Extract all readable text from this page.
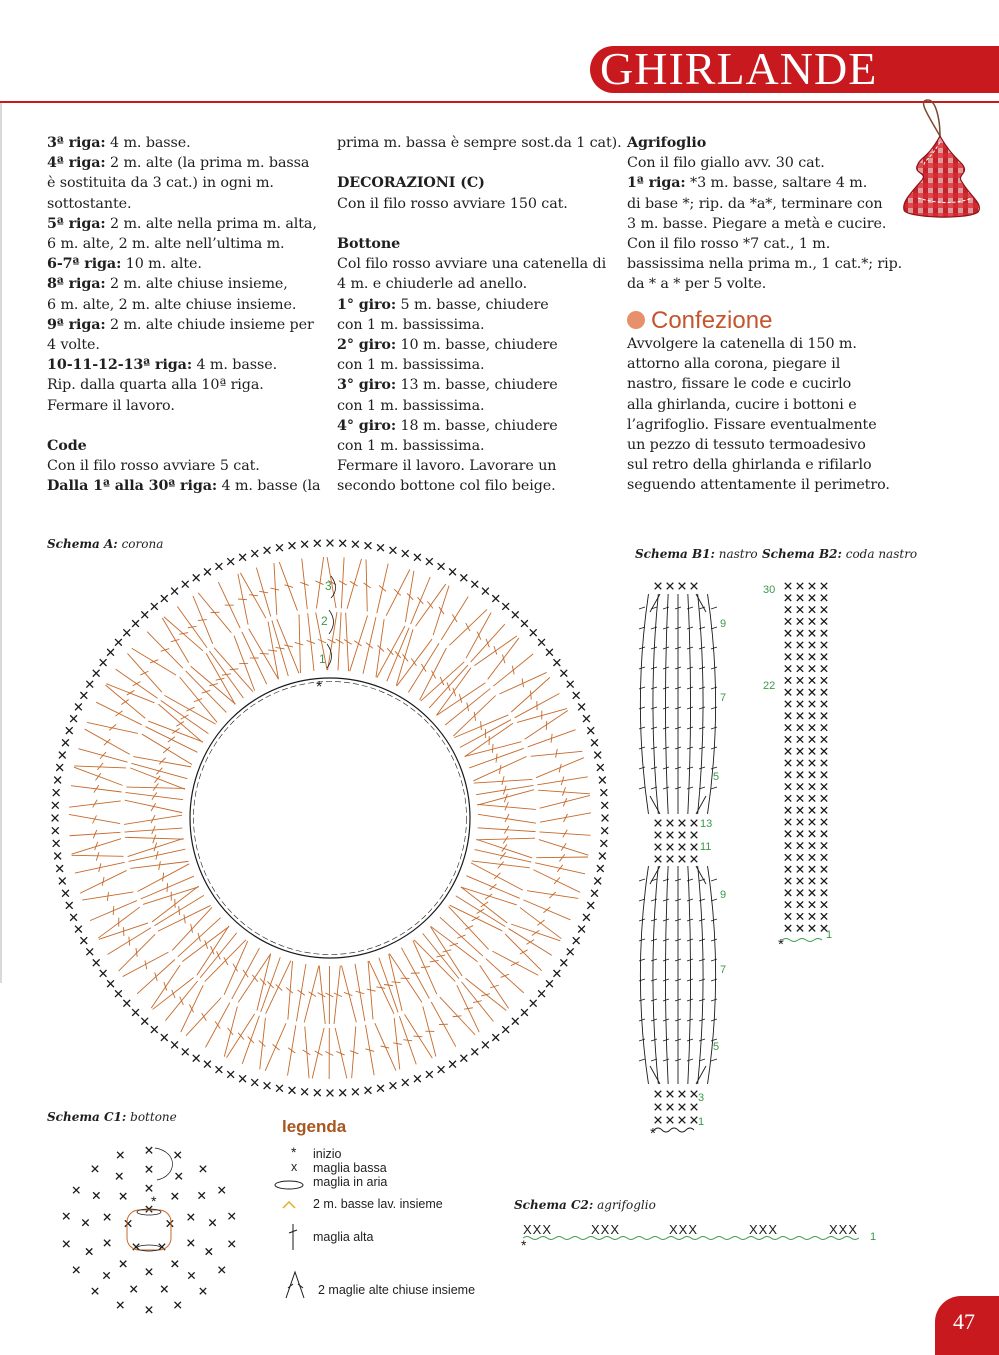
GHIRLANDE

3ª riga: 4 m. basse.

4ª riga: 2 m. alte (la prima m. bassa

è sostituita da 3 cat.) in ogni m.

sottostante.

5ª riga: 2 m. alte nella prima m. alta,

6 m. alte, 2 m. alte nell’ultima m.

6-7ª riga: 10 m. alte.

8ª riga: 2 m. alte chiuse insieme,

6 m. alte, 2 m. alte chiuse insieme.

9ª riga: 2 m. alte chiude insieme per

4 volte.

10-11-12-13ª riga: 4 m. basse.

Rip. dalla quarta alla 10ª riga.

Fermare il lavoro.

Code

Con il filo rosso avviare 5 cat.

Dalla 1ª alla 30ª riga: 4 m. basse (la

prima m. bassa è sempre sost.da 1 cat).

DECORAZIONI (C)

Con il filo rosso avviare 150 cat.

Bottone

Col filo rosso avviare una catenella di

4 m. e chiuderle ad anello.

1° giro: 5 m. basse, chiudere

con 1 m. bassissima.

2° giro: 10 m. basse, chiudere

con 1 m. bassissima.

3° giro: 13 m. basse, chiudere

con 1 m. bassissima.

4° giro: 18 m. basse, chiudere

con 1 m. bassissima.

Fermare il lavoro. Lavorare un

secondo bottone col filo beige.

Agrifoglio

Con il filo giallo avv. 30 cat.

1ª riga: *3 m. basse, saltare 4 m.

di base *; rip. da *a*, terminare con

3 m. basse. Piegare a metà e cucire.

Con il filo rosso *7 cat., 1 m.

bassissima nella prima m., 1 cat.*; rip.

da * a * per 5 volte.

Confezione

Avvolgere la catenella di 150 m.

attorno alla corona, piegare il

nastro, fissare le code e cucirlo

alla ghirlanda, cucire i bottoni e

l’agrifoglio. Fissare eventualmente

un pezzo di tessuto termoadesivo

sul retro della ghirlanda e rifilarlo

seguendo attentamente il perimetro.

Schema A: corona
Schema B1: nastro Schema B2: coda nastro
Schema C1: bottone
Schema C2: agrifoglio
*
3
2
1
*
9
7
5
13
11
9
7
5
3
1
*
30
22
1
*
XXX	XXX	XXX	XXX	XXX
*	1
legenda
* inizio
x maglia bassa
maglia in aria
2 m. basse lav. insieme
maglia alta
2 maglie alte chiuse insieme
47
